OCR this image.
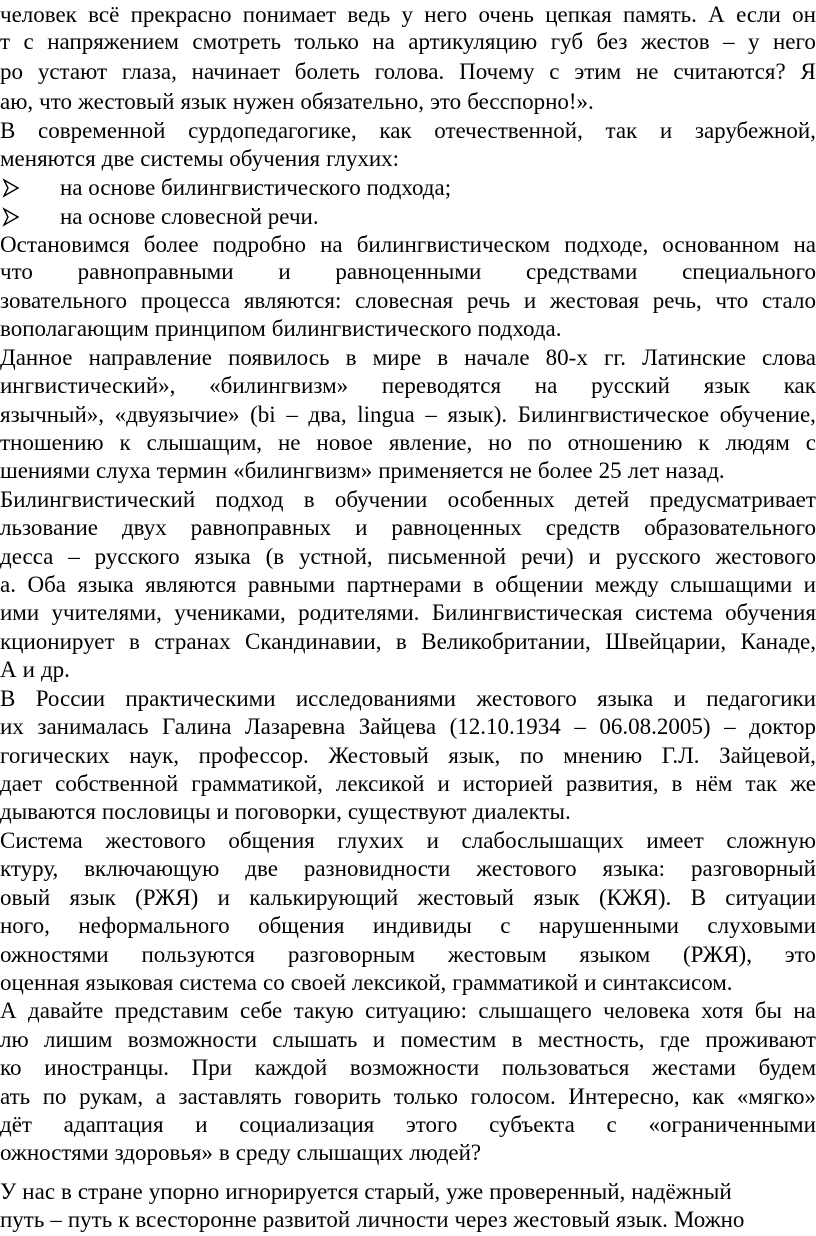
человек всё прекрасно понимает ведь у него очень цепкая память. А если он
т с напряжением смотреть только на артикуляцию губ без жестов – у него
ро устают глаза, начинает болеть голова. Почему с этим не считаются? Я
аю, что жестовый язык нужен обязательно, это бесспорно!».
В современной сурдопедагогике, как отечественной, так и зарубежной,
меняются две системы обучения глухих:
на основе билингвистического подхода;
на основе словесной речи.
Остановимся более подробно на билингвистическом подходе, основанном на
что равноправными и равноценными средствами специального
зовательного процесса являются: словесная речь и жестовая речь, что стало
вополагающим принципом билингвистического подхода.
Данное направление появилось в мире в начале 80-х гг. Латинские слова
ингвистический», «билингвизм» переводятся на русский язык как
язычный», «двуязычие» (bi – два, lingua – язык). Билингвистическое обучение,
тношению к слышащим, не новое явление, но по отношению к людям с
шениями слуха термин «билингвизм» применяется не более 25 лет назад.
Билингвистический подход в обучении особенных детей предусматривает
льзование двух равноправных и равноценных средств образовательного
десса – русского языка (в устной, письменной речи) и русского жестового
а. Оба языка являются равными партнерами в общении между слышащими и
ими учителями, учениками, родителями. Билингвистическая система обучения
кционирует в странах Скандинавии, в Великобритании, Швейцарии, Канаде,
А и др.
В России практическими исследованиями жестового языка и педагогики
их занималась Галина Лазаревна Зайцева (12.10.1934 – 06.08.2005) – доктор
гогических наук, профессор. Жестовый язык, по мнению Г.Л. Зайцевой,
дает собственной грамматикой, лексикой и историей развития, в нём так же
дываются пословицы и поговорки, существуют диалекты.
Система жестового общения глухих и слабослышащих имеет сложную
ктуру, включающую две разновидности жестового языка: разговорный
овый язык (РЖЯ) и калькирующий жестовый язык (КЖЯ). В ситуации
ного, неформального общения индивиды с нарушенными слуховыми
ожностями пользуются разговорным жестовым языком (РЖЯ), это
оценная языковая система со своей лексикой, грамматикой и синтаксисом.
А давайте представим себе такую ситуацию: слышащего человека хотя бы на
лю лишим возможности слышать и поместим в местность, где проживают
ко иностранцы. При каждой возможности пользоваться жестами будем
ать по рукам, а заставлять говорить только голосом. Интересно, как «мягко»
дёт адаптация и социализация этого субъекта с «ограниченными
ожностями здоровья» в среду слышащих людей?
У нас в стране упорно игнорируется старый, уже проверенный, надёжный
путь – путь к всесторонне развитой личности через жестовый язык. Можно
